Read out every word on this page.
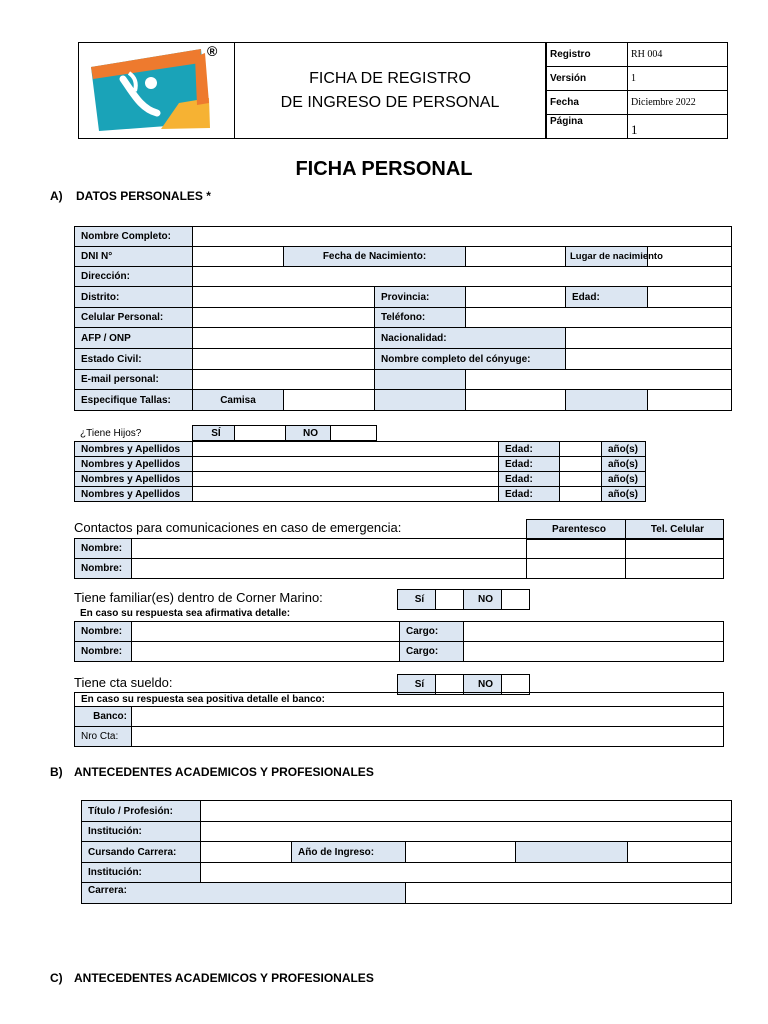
®
FICHA DE REGISTRO
DE INGRESO DE PERSONAL
Registro	RH 004
Versión	1
Fecha	Diciembre 2022
Página	1
FICHA PERSONAL
A) DATOS PERSONALES *
Nombre Completo:						
DNI N°		Fecha de Nacimiento:			Lugar de nacimiento	
Dirección:						
Distrito:			Provincia:		Edad:	
Celular Personal:			Teléfono:			
AFP / ONP			Nacionalidad:			
Estado Civil:			Nombre completo del cónyuge:			
E-mail personal:						
Especifique Tallas:	Camisa					
¿Tiene Hijos?	SÍ		NO	
Nombres y Apellidos		Edad:		año(s)
Nombres y Apellidos		Edad:		año(s)
Nombres y Apellidos		Edad:		año(s)
Nombres y Apellidos		Edad:		año(s)
Contactos para comunicaciones en caso de emergencia:	Parentesco	Tel. Celular
Nombre:			
Nombre:			
Tiene familiar(es) dentro de Corner Marino:	Sí		NO	
En caso su respuesta sea afirmativa detalle:
Nombre:		Cargo:	
Nombre:		Cargo:	
Tiene cta sueldo:	Sí		NO	
En caso su respuesta sea positiva detalle el banco:	
Banco:	
Nro Cta:	
B) ANTECEDENTES ACADEMICOS Y PROFESIONALES
Título / Profesión:					
Institución:					
Cursando Carrera:		Año de Ingreso:			
Institución:					
Carrera:					
C) ANTECEDENTES ACADEMICOS Y PROFESIONALES
